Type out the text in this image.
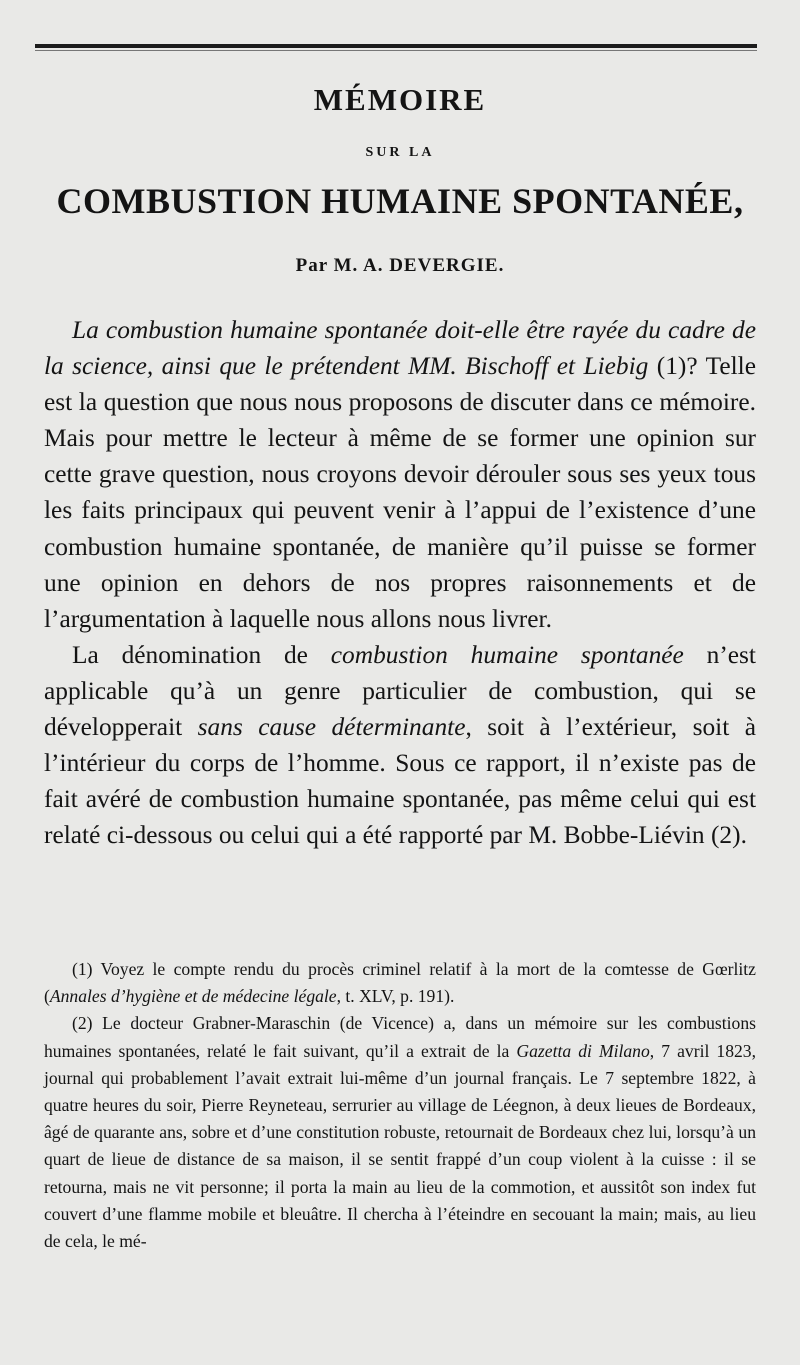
MÉMOIRE
SUR LA
COMBUSTION HUMAINE SPONTANÉE,
Par M. A. DEVERGIE.

La combustion humaine spontanée doit-elle être rayée du cadre de la science, ainsi que le prétendent MM. Bischoff et Liebig (1)? Telle est la question que nous nous proposons de discuter dans ce mémoire. Mais pour mettre le lecteur à même de se former une opinion sur cette grave question, nous croyons devoir dérouler sous ses yeux tous les faits principaux qui peuvent venir à l’appui de l’existence d’une combustion humaine spontanée, de manière qu’il puisse se former une opinion en dehors de nos propres raisonnements et de l’argumentation à laquelle nous allons nous livrer.

La dénomination de combustion humaine spontanée n’est applicable qu’à un genre particulier de combustion, qui se développerait sans cause déterminante, soit à l’extérieur, soit à l’intérieur du corps de l’homme. Sous ce rapport, il n’existe pas de fait avéré de combustion humaine spontanée, pas même celui qui est relaté ci-dessous ou celui qui a été rapporté par M. Bobbe-Liévin (2).

(1) Voyez le compte rendu du procès criminel relatif à la mort de la comtesse de Gœrlitz (Annales d’hygiène et de médecine légale, t. XLV, p. 191).

(2) Le docteur Grabner-Maraschin (de Vicence) a, dans un mémoire sur les combustions humaines spontanées, relaté le fait suivant, qu’il a extrait de la Gazetta di Milano, 7 avril 1823, journal qui probablement l’avait extrait lui-même d’un journal français. Le 7 septembre 1822, à quatre heures du soir, Pierre Reyneteau, serrurier au village de Léegnon, à deux lieues de Bordeaux, âgé de quarante ans, sobre et d’une constitution robuste, retournait de Bordeaux chez lui, lorsqu’à un quart de lieue de distance de sa maison, il se sentit frappé d’un coup violent à la cuisse : il se retourna, mais ne vit personne; il porta la main au lieu de la commotion, et aussitôt son index fut couvert d’une flamme mobile et bleuâtre. Il chercha à l’éteindre en secouant la main; mais, au lieu de cela, le mé-
